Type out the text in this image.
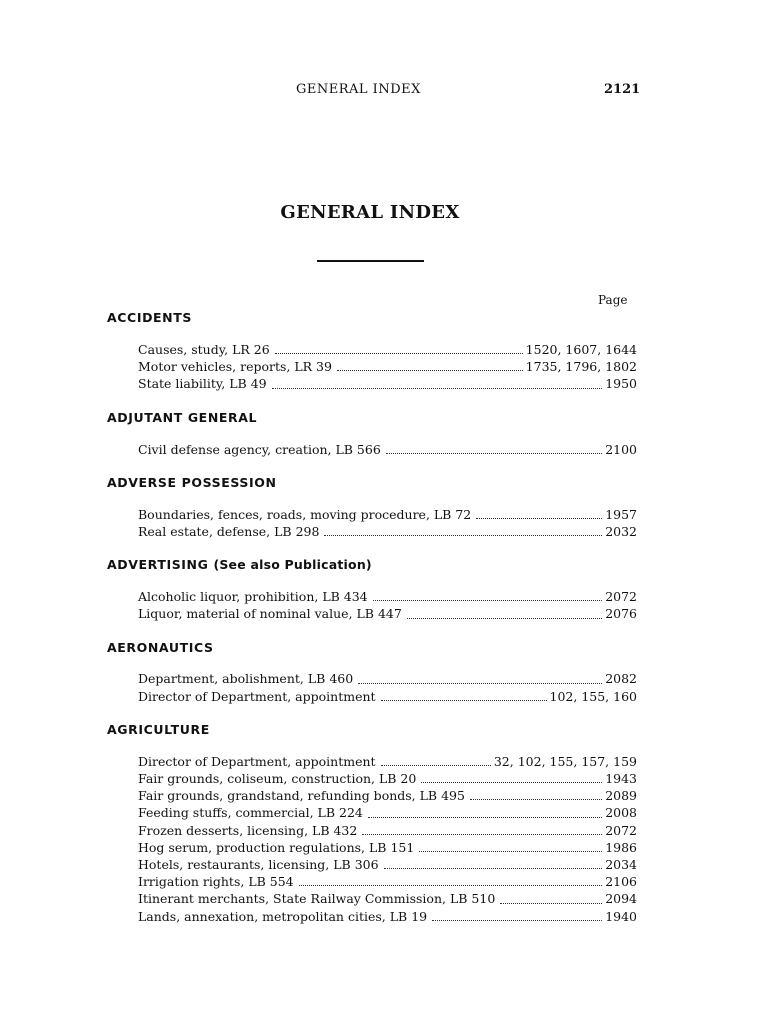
GENERAL INDEX	2121
GENERAL INDEX
Page
ACCIDENTS
Causes, study, LR 26	1520, 1607, 1644
Motor vehicles, reports, LR 39	1735, 1796, 1802
State liability, LB 49	1950
ADJUTANT GENERAL
Civil defense agency, creation, LB 566	2100
ADVERSE POSSESSION
Boundaries, fences, roads, moving procedure, LB 72	1957
Real estate, defense, LB 298	2032
ADVERTISING (See also Publication)
Alcoholic liquor, prohibition, LB 434	2072
Liquor, material of nominal value, LB 447	2076
AERONAUTICS
Department, abolishment, LB 460	2082
Director of Department, appointment	102, 155, 160
AGRICULTURE
Director of Department, appointment	32, 102, 155, 157, 159
Fair grounds, coliseum, construction, LB 20	1943
Fair grounds, grandstand, refunding bonds, LB 495	2089
Feeding stuffs, commercial, LB 224	2008
Frozen desserts, licensing, LB 432	2072
Hog serum, production regulations, LB 151	1986
Hotels, restaurants, licensing, LB 306	2034
Irrigation rights, LB 554	2106
Itinerant merchants, State Railway Commission, LB 510	2094
Lands, annexation, metropolitan cities, LB 19	1940
